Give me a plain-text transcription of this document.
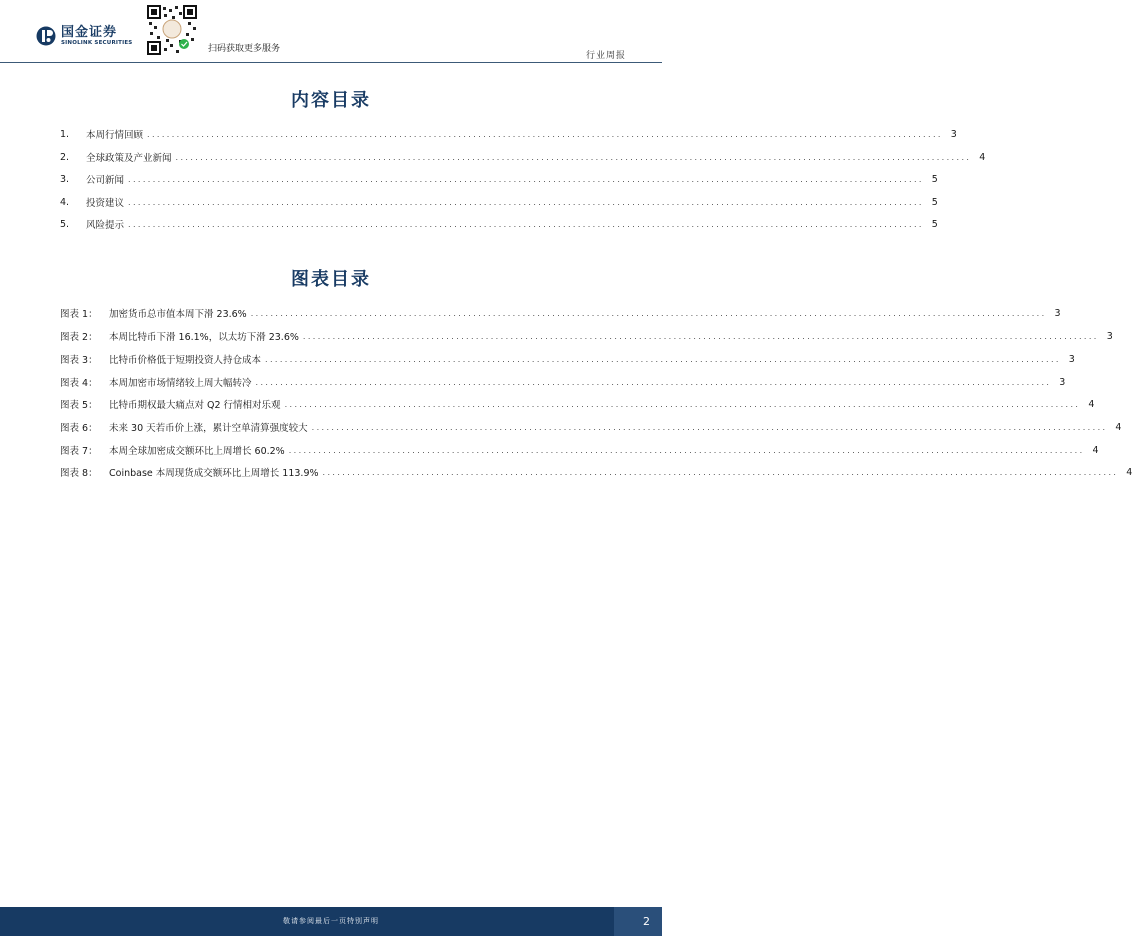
国金证券
SINOLINK SECURITIES
扫码获取更多服务
行业周报
内容目录
1.	本周行情回顾 ................................................................................................................................................................. 3
2.	全球政策及产业新闻 ................................................................................................................................................................. 4
3.	公司新闻 ................................................................................................................................................................. 5
4.	投资建议 ................................................................................................................................................................. 5
5.	风险提示 ................................................................................................................................................................. 5
图表目录
图表 1：	加密货币总市值本周下滑 23.6% ................................................................................................................................................................. 3
图表 2：	本周比特币下滑 16.1%，以太坊下滑 23.6% ................................................................................................................................................................. 3
图表 3：	比特币价格低于短期投资人持仓成本 ................................................................................................................................................................. 3
图表 4：	本周加密市场情绪较上周大幅转冷 ................................................................................................................................................................. 3
图表 5：	比特币期权最大痛点对 Q2 行情相对乐观 ................................................................................................................................................................. 4
图表 6：	未来 30 天若币价上涨，累计空单清算强度较大 ................................................................................................................................................................. 4
图表 7：	本周全球加密成交额环比上周增长 60.2% ................................................................................................................................................................. 4
图表 8：	Coinbase 本周现货成交额环比上周增长 113.9% ................................................................................................................................................................. 4
敬请参阅最后一页特别声明	2
